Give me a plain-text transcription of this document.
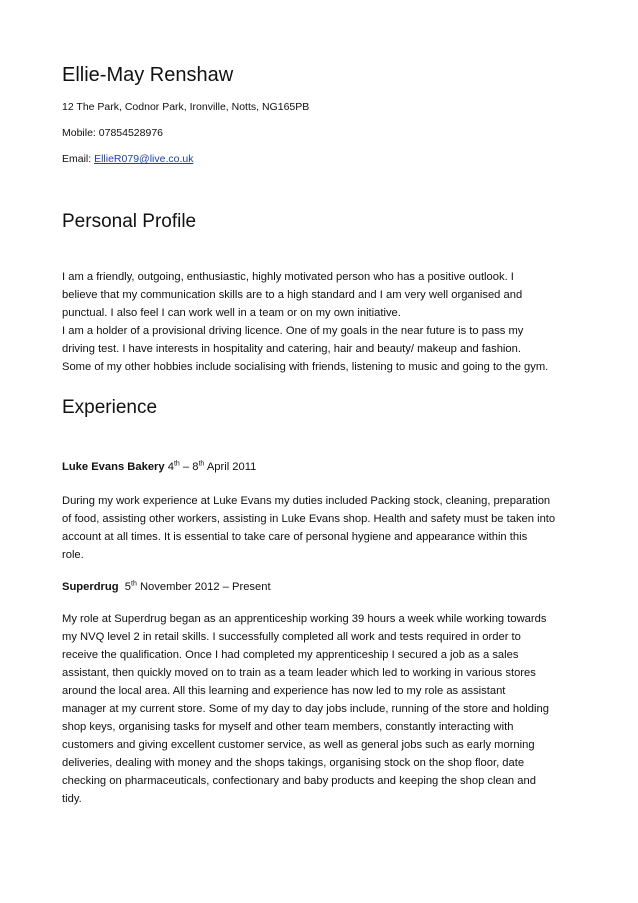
Ellie-May Renshaw

12 The Park, Codnor Park, Ironville, Notts, NG165PB

Mobile: 07854528976

Email: EllieR079@live.co.uk

Personal Profile
I am a friendly, outgoing, enthusiastic, highly motivated person who has a positive outlook. I
believe that my communication skills are to a high standard and I am very well organised and
punctual. I also feel I can work well in a team or on my own initiative.
I am a holder of a provisional driving licence. One of my goals in the near future is to pass my
driving test. I have interests in hospitality and catering, hair and beauty/ makeup and fashion.
Some of my other hobbies include socialising with friends, listening to music and going to the gym.
Experience

Luke Evans Bakery 4th – 8th April 2011

During my work experience at Luke Evans my duties included Packing stock, cleaning, preparation
of food, assisting other workers, assisting in Luke Evans shop. Health and safety must be taken into
account at all times. It is essential to take care of personal hygiene and appearance within this
role.

Superdrug 5th November 2012 – Present

My role at Superdrug began as an apprenticeship working 39 hours a week while working towards
my NVQ level 2 in retail skills. I successfully completed all work and tests required in order to
receive the qualification. Once I had completed my apprenticeship I secured a job as a sales
assistant, then quickly moved on to train as a team leader which led to working in various stores
around the local area. All this learning and experience has now led to my role as assistant
manager at my current store. Some of my day to day jobs include, running of the store and holding
shop keys, organising tasks for myself and other team members, constantly interacting with
customers and giving excellent customer service, as well as general jobs such as early morning
deliveries, dealing with money and the shops takings, organising stock on the shop floor, date
checking on pharmaceuticals, confectionary and baby products and keeping the shop clean and
tidy.
